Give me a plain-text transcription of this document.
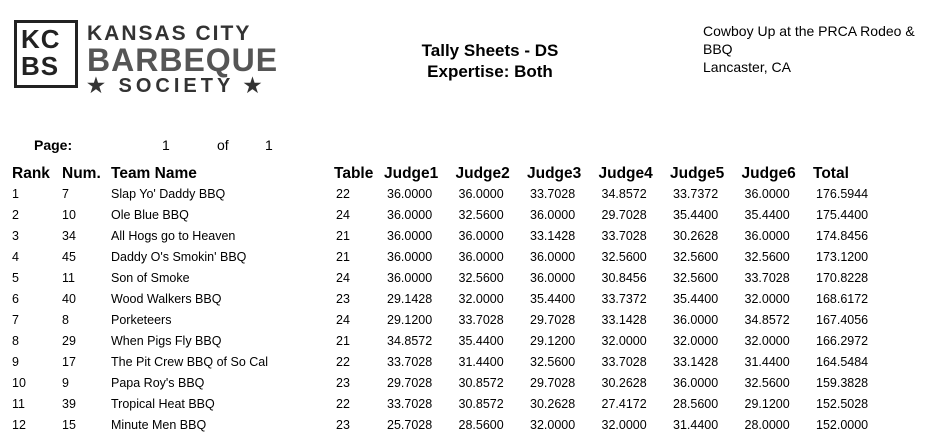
KC
BS
KANSAS CITY
BARBEQUE
★ SOCIETY ★
Tally Sheets - DS
Expertise: Both
Cowboy Up at the PRCA Rodeo &
BBQ
Lancaster, CA
Page:	1	of	1
Rank	Num.	Team Name	Table	Judge1	Judge2	Judge3	Judge4	Judge5	Judge6	Total
1	7	Slap Yo' Daddy BBQ	22	36.0000	36.0000	33.7028	34.8572	33.7372	36.0000	176.5944
2	10	Ole Blue BBQ	24	36.0000	32.5600	36.0000	29.7028	35.4400	35.4400	175.4400
3	34	All Hogs go to Heaven	21	36.0000	36.0000	33.1428	33.7028	30.2628	36.0000	174.8456
4	45	Daddy O's Smokin' BBQ	21	36.0000	36.0000	36.0000	32.5600	32.5600	32.5600	173.1200
5	11	Son of Smoke	24	36.0000	32.5600	36.0000	30.8456	32.5600	33.7028	170.8228
6	40	Wood Walkers BBQ	23	29.1428	32.0000	35.4400	33.7372	35.4400	32.0000	168.6172
7	8	Porketeers	24	29.1200	33.7028	29.7028	33.1428	36.0000	34.8572	167.4056
8	29	When Pigs Fly BBQ	21	34.8572	35.4400	29.1200	32.0000	32.0000	32.0000	166.2972
9	17	The Pit Crew BBQ of So Cal	22	33.7028	31.4400	32.5600	33.7028	33.1428	31.4400	164.5484
10	9	Papa Roy's BBQ	23	29.7028	30.8572	29.7028	30.2628	36.0000	32.5600	159.3828
11	39	Tropical Heat BBQ	22	33.7028	30.8572	30.2628	27.4172	28.5600	29.1200	152.5028
12	15	Minute Men BBQ	23	25.7028	28.5600	32.0000	32.0000	31.4400	28.0000	152.0000
